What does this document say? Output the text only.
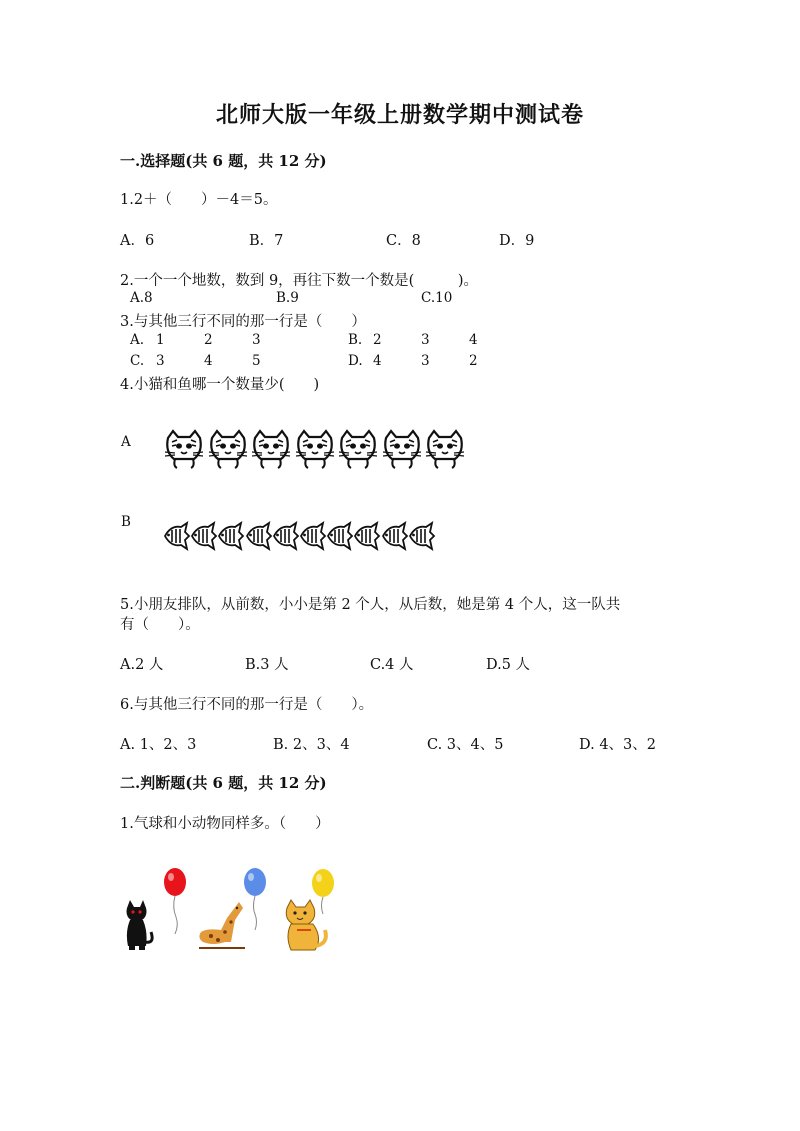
北师大版一年级上册数学期中测试卷
一.选择题(共 6 题，共 12 分)
1.2＋（　　）－4＝5。
A．6	B．7	C．8	D．9
2.一个一个地数，数到 9，再往下数一个数是(　　　)。
A.8	B.9	C.10
3.与其他三行不同的那一行是（　　）
A. 1	2	3	B. 2	3	4
C. 3	4	5	D. 4	3	2
4.小猫和鱼哪一个数量少(　　)
A
B
5.小朋友排队，从前数，小小是第 2 个人，从后数，她是第 4 个人，这一队共
有（　　）。
A.2 人	B.3 人	C.4 人	D.5 人
6.与其他三行不同的那一行是（　　）。
A. 1、2、3	B. 2、3、4	C. 3、4、5	D. 4、3、2
二.判断题(共 6 题，共 12 分)
1.气球和小动物同样多。（　　）
